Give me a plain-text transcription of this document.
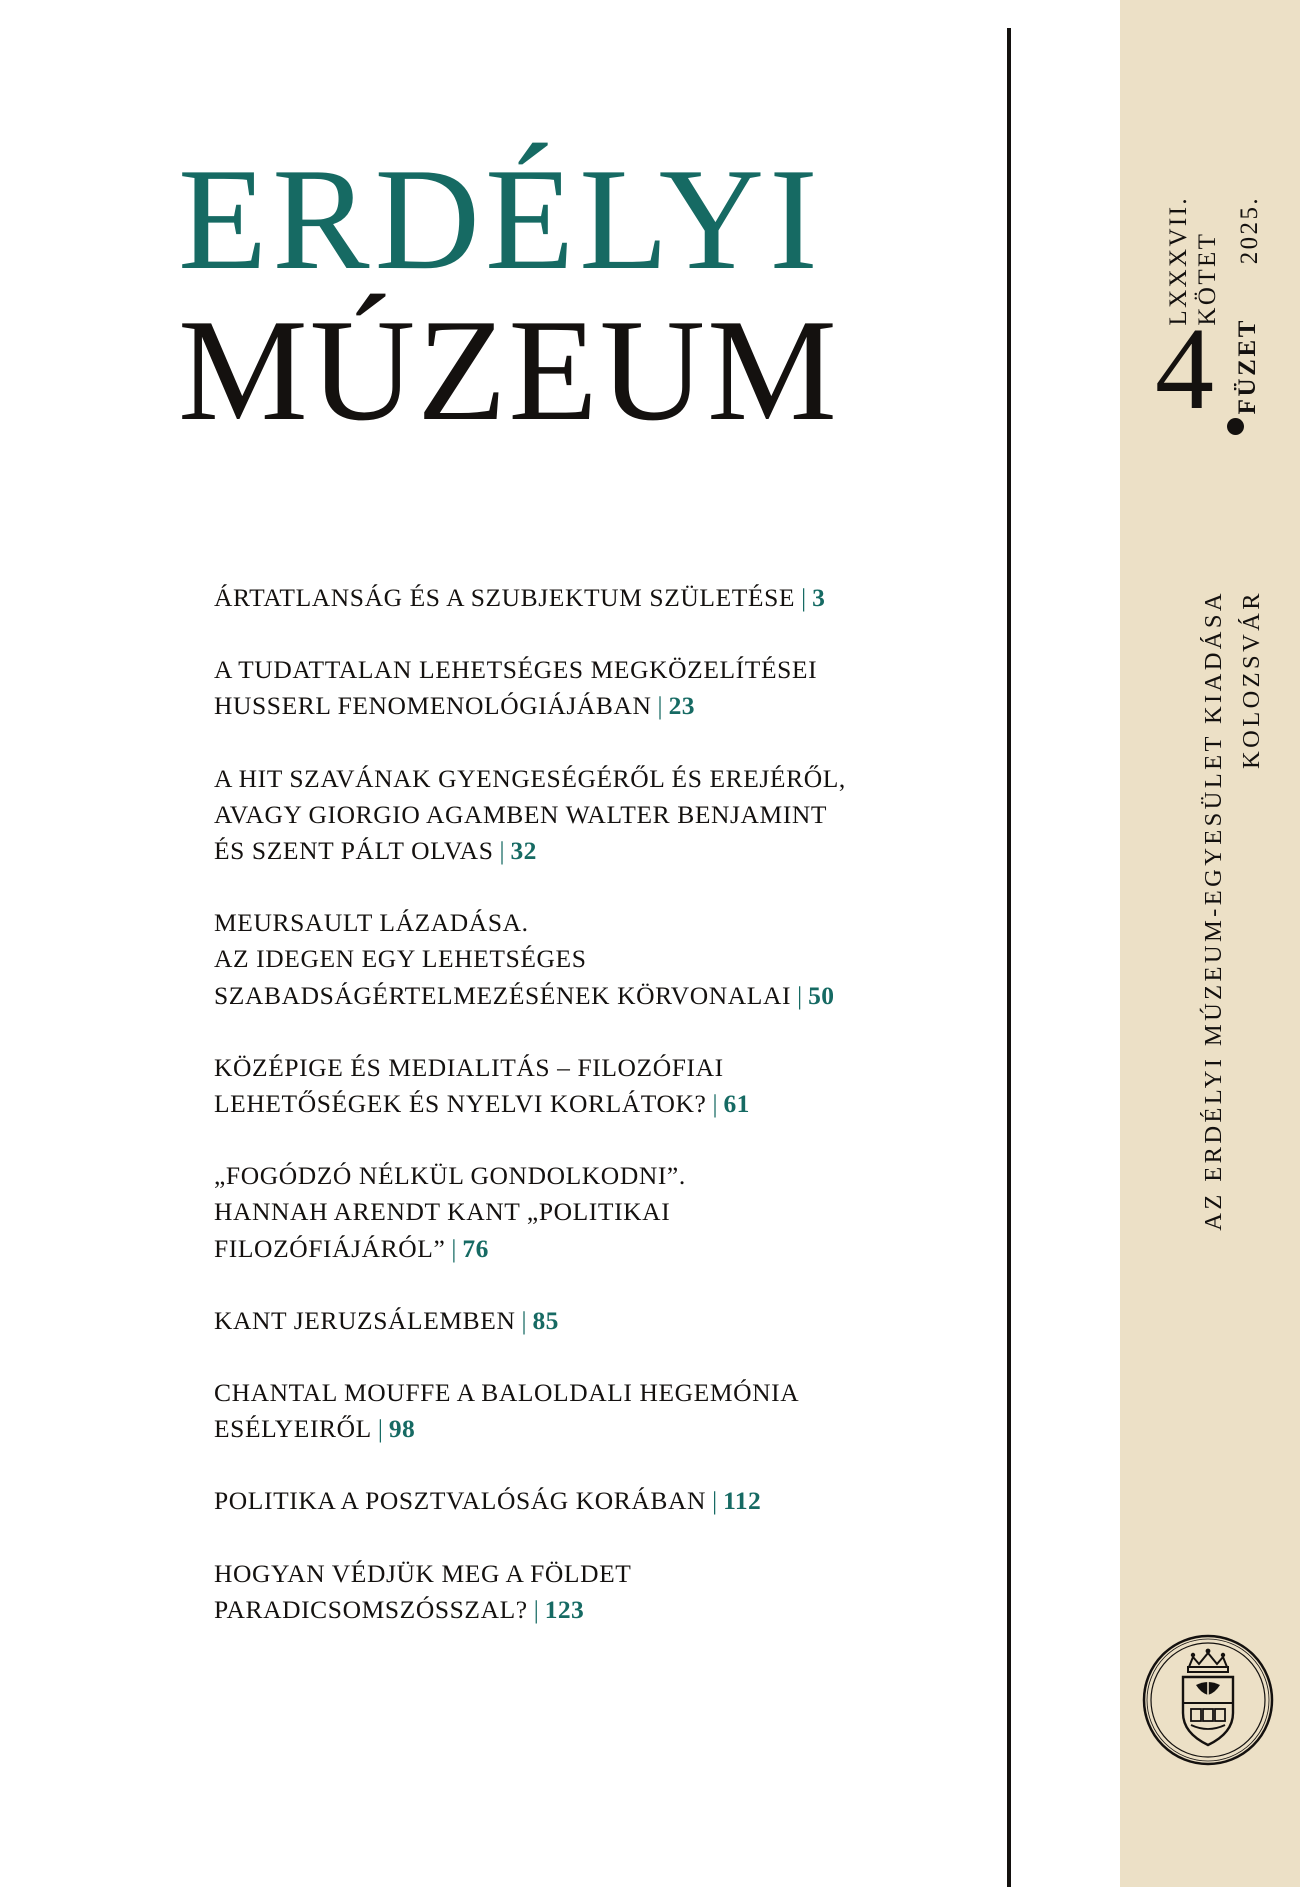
ERDÉLYI
MÚZEUM
LXXXVII.
KÖTET
2025.
4 FÜZET
AZ ERDÉLYI MÚZEUM-EGYESÜLET KIADÁSA KOLOZSVÁR
ÁRTATLANSÁG ÉS A SZUBJEKTUM SZÜLETÉSE | 3
A TUDATTALAN LEHETSÉGES MEGKÖZELÍTÉSEI
HUSSERL FENOMENOLÓGIÁJÁBAN | 23
A HIT SZAVÁNAK GYENGESÉGÉRŐL ÉS EREJÉRŐL,
AVAGY GIORGIO AGAMBEN WALTER BENJAMINT
ÉS SZENT PÁLT OLVAS | 32
MEURSAULT LÁZADÁSA.
AZ IDEGEN EGY LEHETSÉGES
SZABADSÁGÉRTELMEZÉSÉNEK KÖRVONALAI | 50
KÖZÉPIGE ÉS MEDIALITÁS – FILOZÓFIAI
LEHETŐSÉGEK ÉS NYELVI KORLÁTOK? | 61
„FOGÓDZÓ NÉLKÜL GONDOLKODNI”.
HANNAH ARENDT KANT „POLITIKAI
FILOZÓFIÁJÁRÓL” | 76
KANT JERUZSÁLEMBEN | 85
CHANTAL MOUFFE A BALOLDALI HEGEMÓNIA
ESÉLYEIRŐL | 98
POLITIKA A POSZTVALÓSÁG KORÁBAN | 112
HOGYAN VÉDJÜK MEG A FÖLDET
PARADICSOMSZÓSSZAL? | 123
